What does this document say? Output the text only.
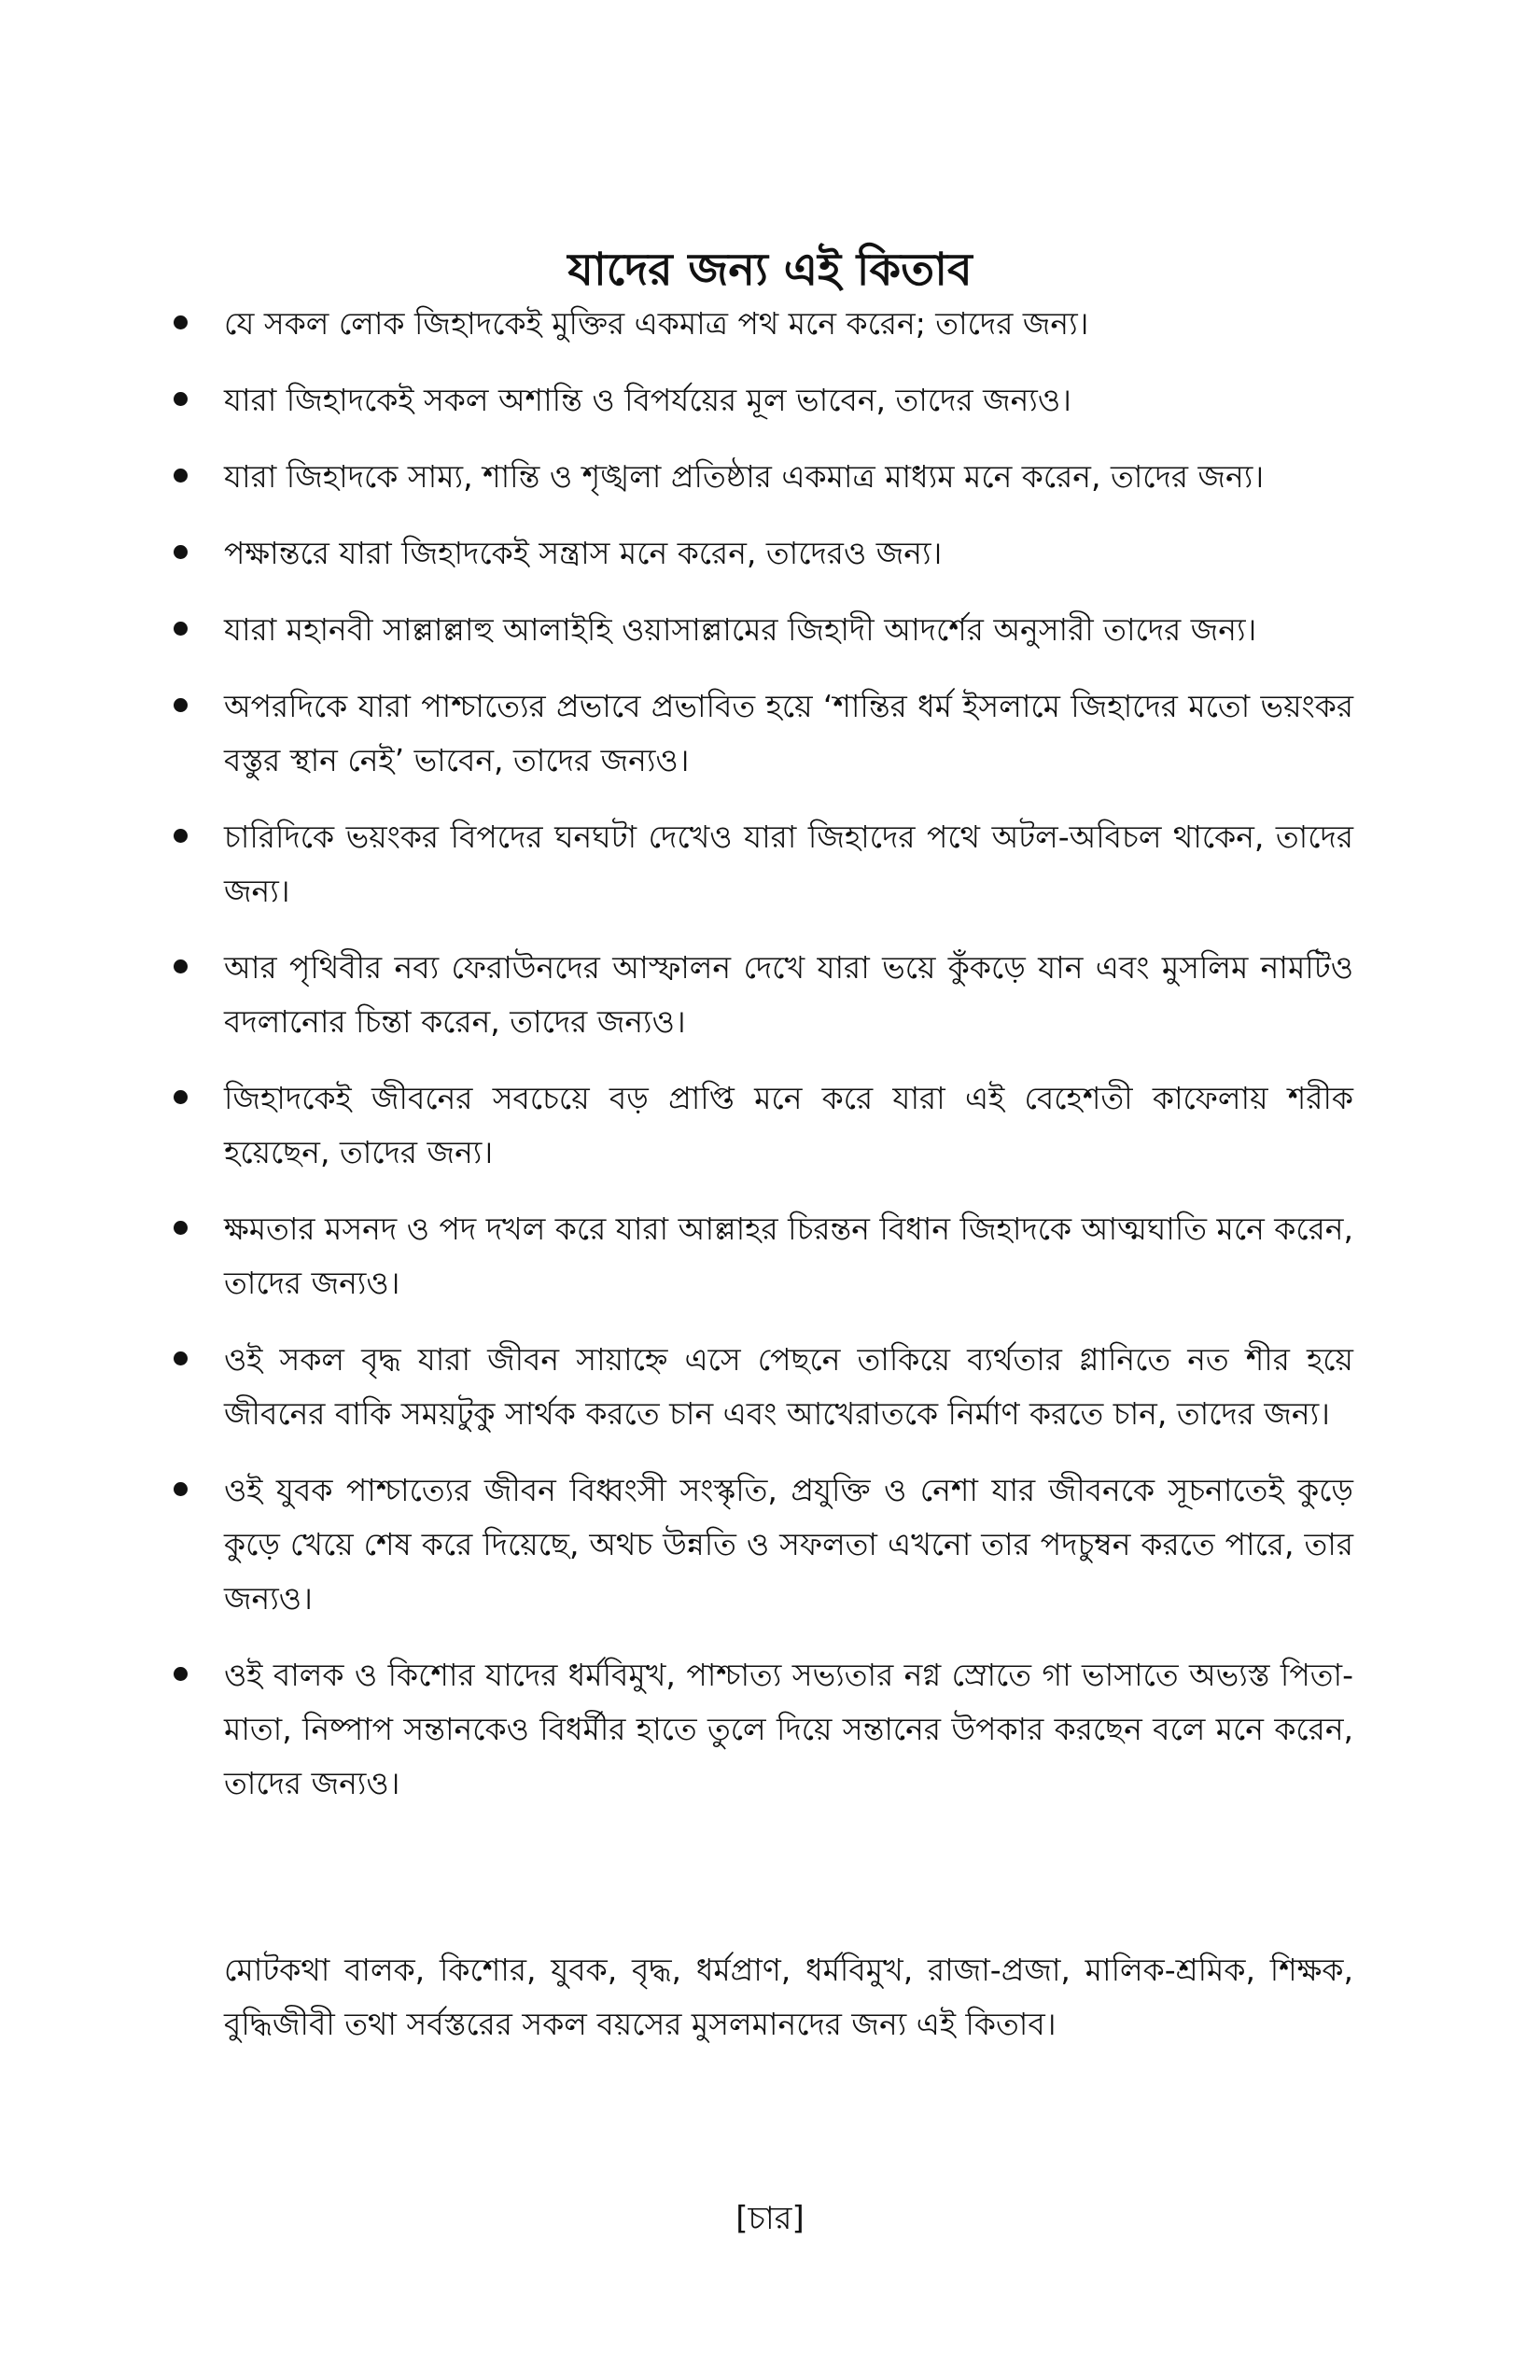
যাদের জন্য এই কিতাব
যে সকল লোক জিহাদকেই মুক্তির একমাত্র পথ মনে করেন; তাদের জন্য।
যারা জিহাদকেই সকল অশান্তি ও বিপর্যয়ের মূল ভাবেন, তাদের জন্যও।
যারা জিহাদকে সাম্য, শান্তি ও শৃঙ্খলা প্রতিষ্ঠার একমাত্র মাধ্যম মনে করেন, তাদের জন্য।
পক্ষান্তরে যারা জিহাদকেই সন্ত্রাস মনে করেন, তাদেরও জন্য।
যারা মহানবী সাল্লাল্লাহু আলাইহি ওয়াসাল্লামের জিহাদী আদর্শের অনুসারী তাদের জন্য।
অপরদিকে যারা পাশ্চাত্যের প্রভাবে প্রভাবিত হয়ে ‘শান্তির ধর্ম ইসলামে জিহাদের মতো ভয়ংকর বস্তুর স্থান নেই’ ভাবেন, তাদের জন্যও।
চারিদিকে ভয়ংকর বিপদের ঘনঘটা দেখেও যারা জিহাদের পথে অটল-অবিচল থাকেন, তাদের জন্য।
আর পৃথিবীর নব্য ফেরাউনদের আস্ফালন দেখে যারা ভয়ে কুঁকড়ে যান এবং মুসলিম নামটিও বদলানোর চিন্তা করেন, তাদের জন্যও।
জিহাদকেই জীবনের সবচেয়ে বড় প্রাপ্তি মনে করে যারা এই বেহেশতী কাফেলায় শরীক হয়েছেন, তাদের জন্য।
ক্ষমতার মসনদ ও পদ দখল করে যারা আল্লাহর চিরন্তন বিধান জিহাদকে আত্মঘাতি মনে করেন, তাদের জন্যও।
ওই সকল বৃদ্ধ যারা জীবন সায়াহ্নে এসে পেছনে তাকিয়ে ব্যর্থতার গ্লানিতে নত শীর হয়ে জীবনের বাকি সময়টুকু সার্থক করতে চান এবং আখেরাতকে নির্মাণ করতে চান, তাদের জন্য।
ওই যুবক পাশ্চাত্যের জীবন বিধ্বংসী সংস্কৃতি, প্রযুক্তি ও নেশা যার জীবনকে সূচনাতেই কুড়ে কুড়ে খেয়ে শেষ করে দিয়েছে, অথচ উন্নতি ও সফলতা এখনো তার পদচুম্বন করতে পারে, তার জন্যও।
ওই বালক ও কিশোর যাদের ধর্মবিমুখ, পাশ্চাত্য সভ্যতার নগ্ন স্রোতে গা ভাসাতে অভ্যস্ত পিতা-মাতা, নিষ্পাপ সন্তানকেও বিধর্মীর হাতে তুলে দিয়ে সন্তানের উপকার করছেন বলে মনে করেন, তাদের জন্যও।

মোটকথা বালক, কিশোর, যুবক, বৃদ্ধ, ধর্মপ্রাণ, ধর্মবিমুখ, রাজা-প্রজা, মালিক-শ্রমিক, শিক্ষক, বুদ্ধিজীবী তথা সর্বস্তরের সকল বয়সের মুসলমানদের জন্য এই কিতাব।

[চার]
